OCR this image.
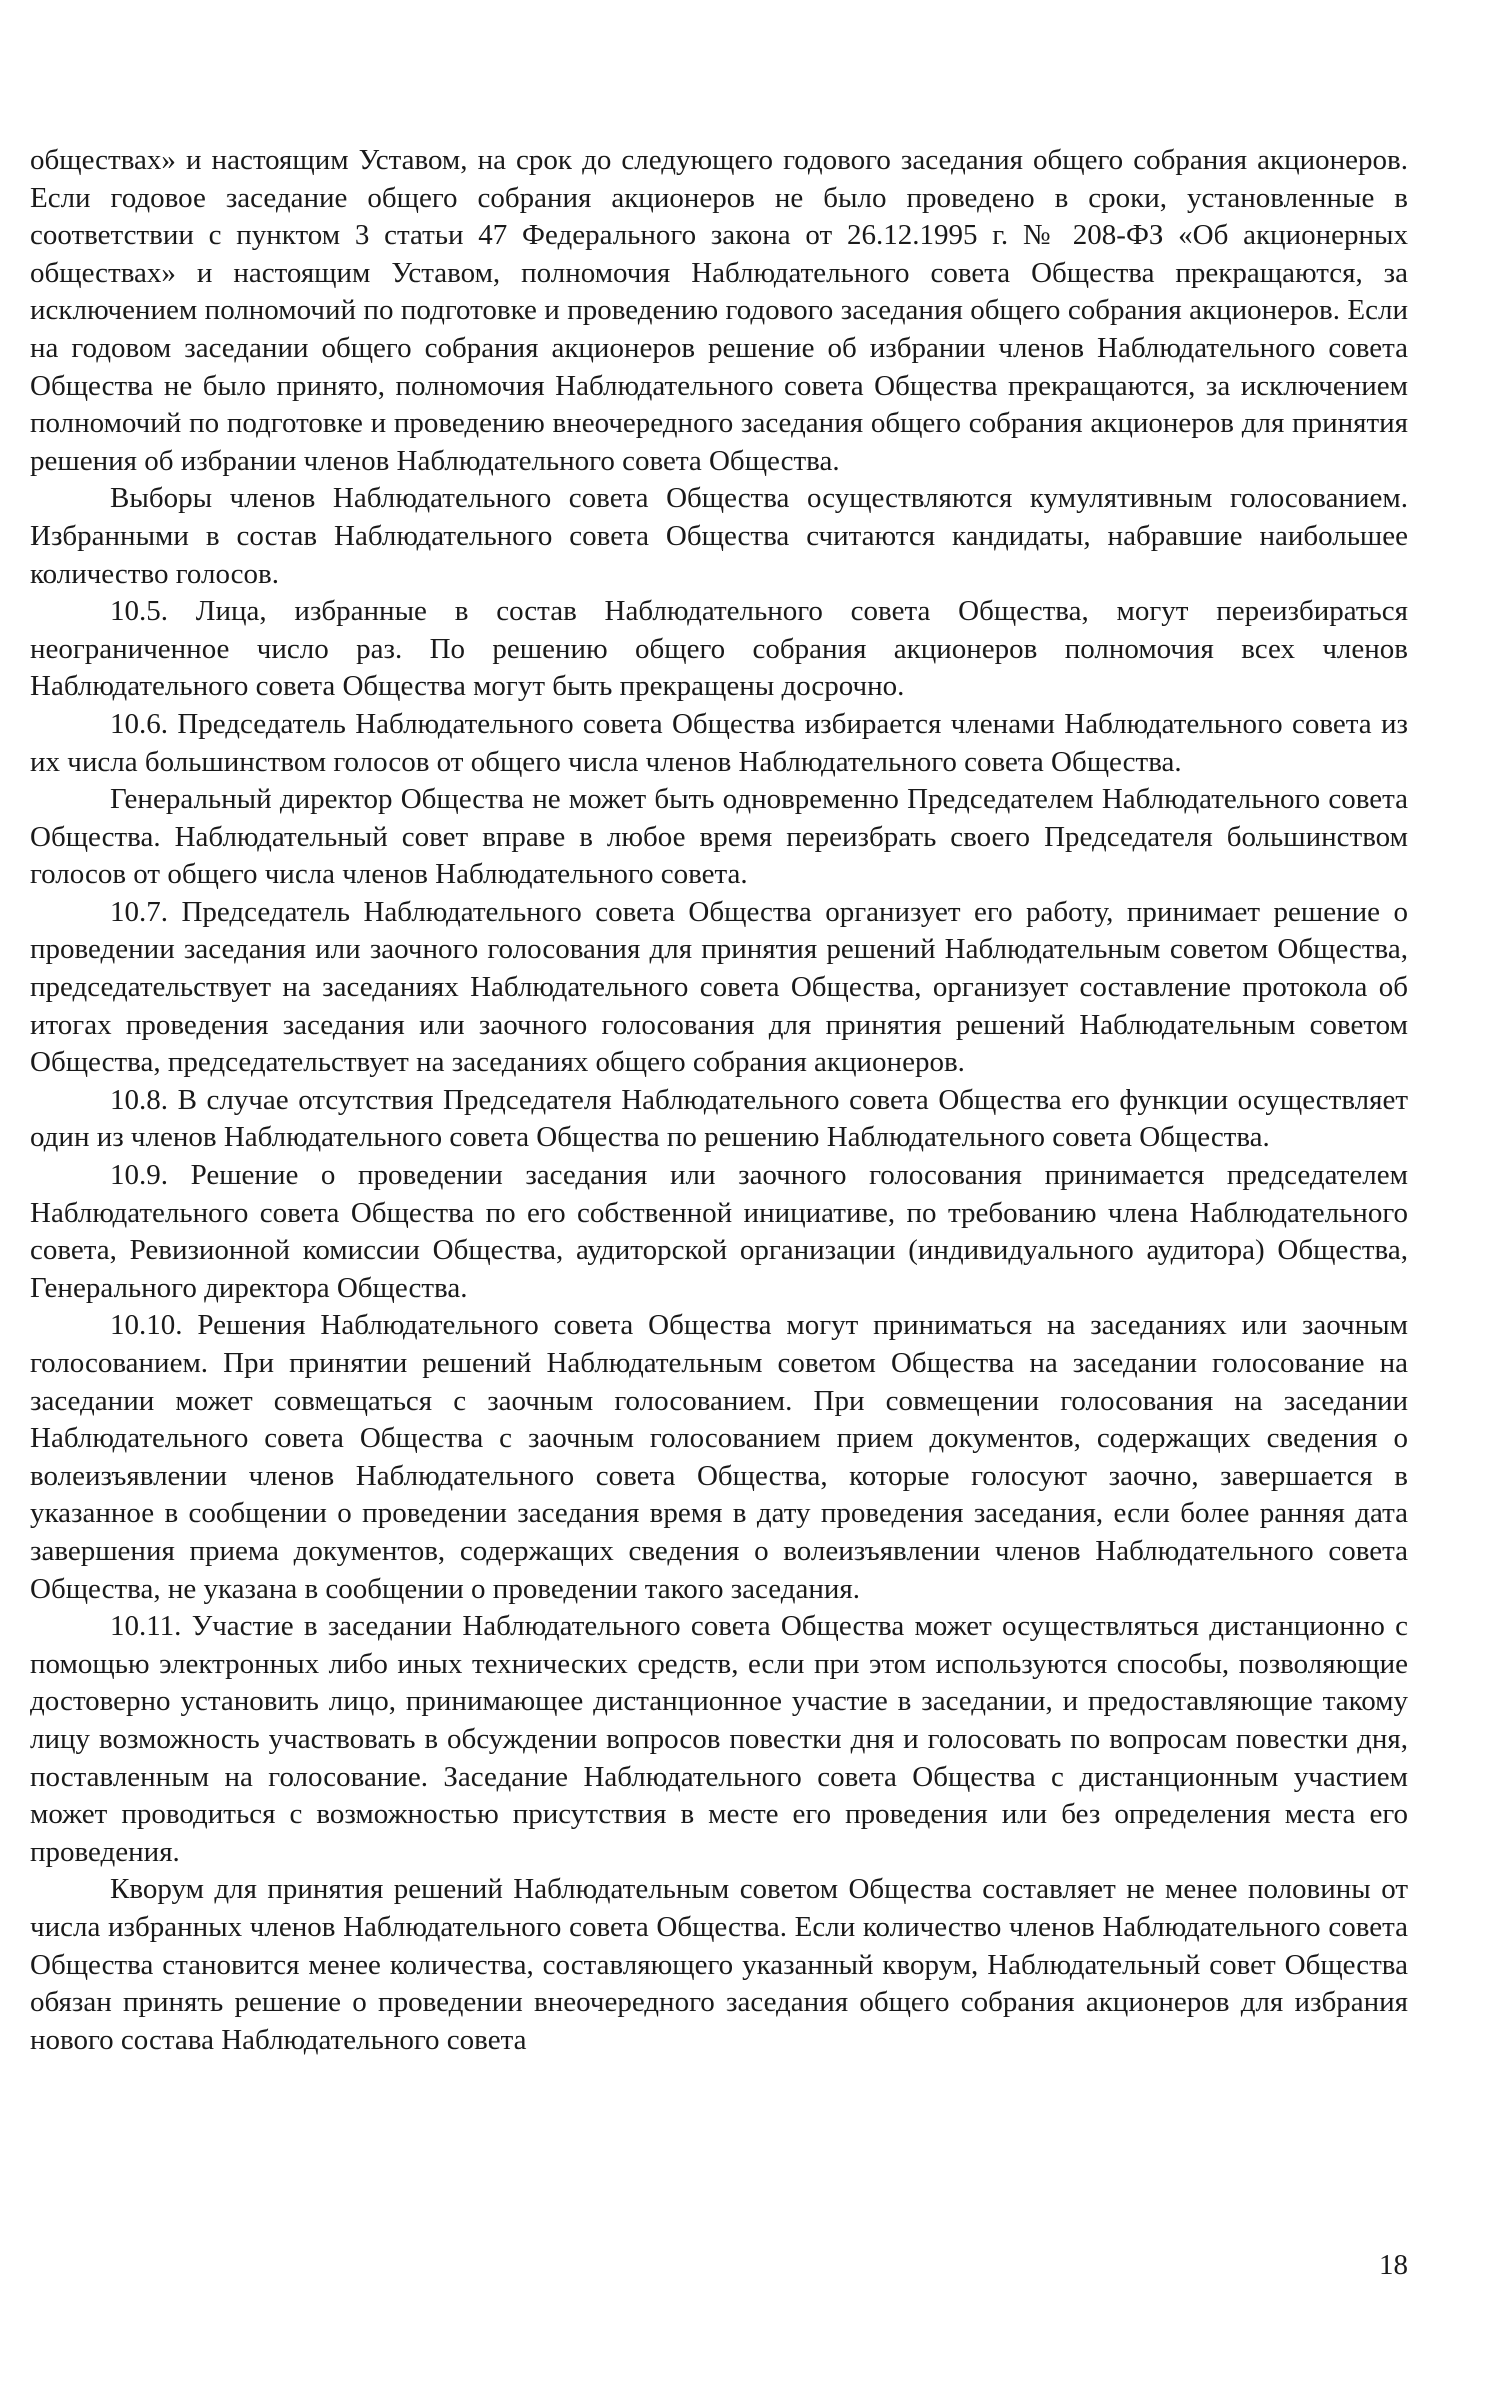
обществах» и настоящим Уставом, на срок до следующего годового заседания общего собрания акционеров. Если годовое заседание общего собрания акционеров не было проведено в сроки, установленные в соответствии с пунктом 3 статьи 47 Федерального закона от 26.12.1995 г. № 208-ФЗ «Об акционерных обществах» и настоящим Уставом, полномочия Наблюдательного совета Общества прекращаются, за исключением полномочий по подготовке и проведению годового заседания общего собрания акционеров. Если на годовом заседании общего собрания акционеров решение об избрании членов Наблюдательного совета Общества не было принято, полномочия Наблюдательного совета Общества прекращаются, за исключением полномочий по подготовке и проведению внеочередного заседания общего собрания акционеров для принятия решения об избрании членов Наблюдательного совета Общества.

Выборы членов Наблюдательного совета Общества осуществляются кумулятивным голосованием. Избранными в состав Наблюдательного совета Общества считаются кандидаты, набравшие наибольшее количество голосов.

10.5. Лица, избранные в состав Наблюдательного совета Общества, могут переизбираться неограниченное число раз. По решению общего собрания акционеров полномочия всех членов Наблюдательного совета Общества могут быть прекращены досрочно.

10.6. Председатель Наблюдательного совета Общества избирается членами Наблюдательного совета из их числа большинством голосов от общего числа членов Наблюдательного совета Общества.

Генеральный директор Общества не может быть одновременно Председателем Наблюдательного совета Общества. Наблюдательный совет вправе в любое время переизбрать своего Председателя большинством голосов от общего числа членов Наблюдательного совета.

10.7. Председатель Наблюдательного совета Общества организует его работу, принимает решение о проведении заседания или заочного голосования для принятия решений Наблюдательным советом Общества, председательствует на заседаниях Наблюдательного совета Общества, организует составление протокола об итогах проведения заседания или заочного голосования для принятия решений Наблюдательным советом Общества, председательствует на заседаниях общего собрания акционеров.

10.8. В случае отсутствия Председателя Наблюдательного совета Общества его функции осуществляет один из членов Наблюдательного совета Общества по решению Наблюдательного совета Общества.

10.9. Решение о проведении заседания или заочного голосования принимается председателем Наблюдательного совета Общества по его собственной инициативе, по требованию члена Наблюдательного совета, Ревизионной комиссии Общества, аудиторской организации (индивидуального аудитора) Общества, Генерального директора Общества.

10.10. Решения Наблюдательного совета Общества могут приниматься на заседаниях или заочным голосованием. При принятии решений Наблюдательным советом Общества на заседании голосование на заседании может совмещаться с заочным голосованием. При совмещении голосования на заседании Наблюдательного совета Общества с заочным голосованием прием документов, содержащих сведения о волеизъявлении членов Наблюдательного совета Общества, которые голосуют заочно, завершается в указанное в сообщении о проведении заседания время в дату проведения заседания, если более ранняя дата завершения приема документов, содержащих сведения о волеизъявлении членов Наблюдательного совета Общества, не указана в сообщении о проведении такого заседания.

10.11. Участие в заседании Наблюдательного совета Общества может осуществляться дистанционно с помощью электронных либо иных технических средств, если при этом используются способы, позволяющие достоверно установить лицо, принимающее дистанционное участие в заседании, и предоставляющие такому лицу возможность участвовать в обсуждении вопросов повестки дня и голосовать по вопросам повестки дня, поставленным на голосование. Заседание Наблюдательного совета Общества с дистанционным участием может проводиться с возможностью присутствия в месте его проведения или без определения места его проведения.

Кворум для принятия решений Наблюдательным советом Общества составляет не менее половины от числа избранных членов Наблюдательного совета Общества. Если количество членов Наблюдательного совета Общества становится менее количества, составляющего указанный кворум, Наблюдательный совет Общества обязан принять решение о проведении внеочередного заседания общего собрания акционеров для избрания нового состава Наблюдательного совета

18
